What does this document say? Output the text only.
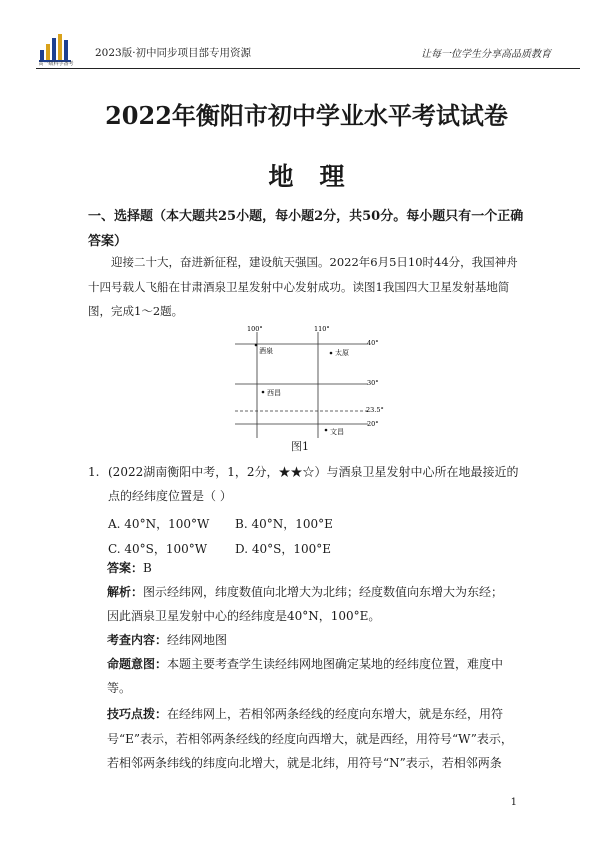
高一级科学备考
2023版·初中同步项目部专用资源	让每一位学生分享高品质教育
2022年衡阳市初中学业水平考试试卷
地理
一、选择题（本大题共25小题，每小题2分，共50分。每小题只有一个正确答案）
迎接二十大，奋进新征程，建设航天强国。2022年6月5日10时44分，我国神舟十四号载人飞船在甘肃酒泉卫星发射中心发射成功。读图1我国四大卫星发射基地简图，完成1～2题。
100°	110°
40°
30°
23.5°
20°
酒泉	太原
西昌
文昌
图1
1. (2022湖南衡阳中考，1，2分，★★☆）与酒泉卫星发射中心所在地最接近的点的经纬度位置是（ ）
A. 40°N，100°W B. 40°N，100°E
C. 40°S，100°W D. 40°S，100°E
答案：B
解析：图示经纬网，纬度数值向北增大为北纬；经度数值向东增大为东经；
因此酒泉卫星发射中心的经纬度是40°N，100°E。
考查内容：经纬网地图
命题意图：本题主要考查学生读经纬网地图确定某地的经纬度位置，难度中
等。
技巧点拨：在经纬网上，若相邻两条经线的经度向东增大，就是东经，用符
号“E”表示，若相邻两条经线的经度向西增大，就是西经，用符号“W”表示，
若相邻两条纬线的纬度向北增大，就是北纬，用符号“N”表示，若相邻两条
1
